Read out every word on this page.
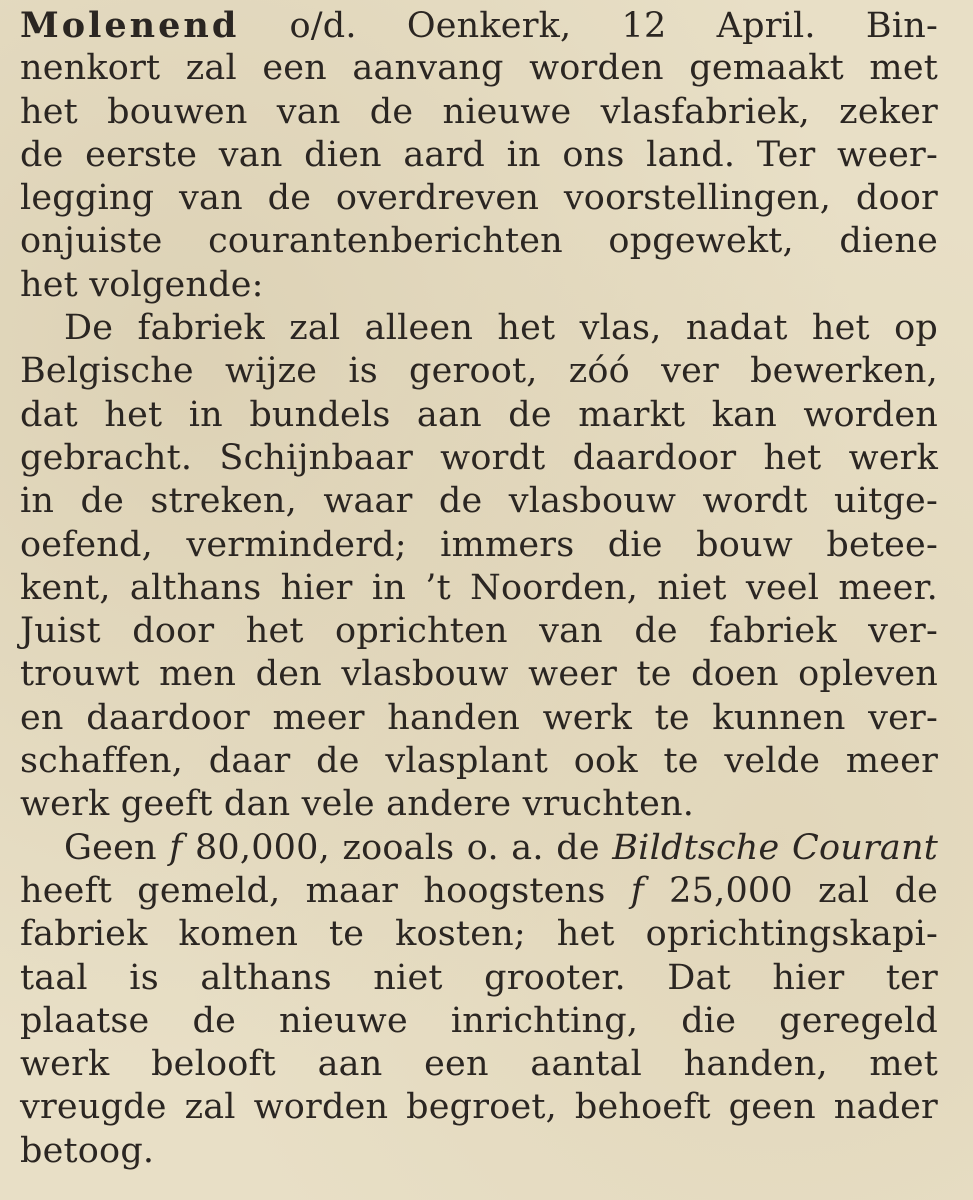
Molenend o/d. Oenkerk, 12 April. Bin-
nenkort zal een aanvang worden gemaakt met
het bouwen van de nieuwe vlasfabriek, zeker
de eerste van dien aard in ons land. Ter weer-
legging van de overdreven voorstellingen, door
onjuiste courantenberichten opgewekt, diene
het volgende:
De fabriek zal alleen het vlas, nadat het op
Belgische wijze is geroot, zóó ver bewerken,
dat het in bundels aan de markt kan worden
gebracht. Schijnbaar wordt daardoor het werk
in de streken, waar de vlasbouw wordt uitge-
oefend, verminderd; immers die bouw betee-
kent, althans hier in ’t Noorden, niet veel meer.
Juist door het oprichten van de fabriek ver-
trouwt men den vlasbouw weer te doen opleven
en daardoor meer handen werk te kunnen ver-
schaffen, daar de vlasplant ook te velde meer
werk geeft dan vele andere vruchten.
Geen f 80,000, zooals o. a. de Bildtsche Courant
heeft gemeld, maar hoogstens f 25,000 zal de
fabriek komen te kosten; het oprichtingskapi-
taal is althans niet grooter. Dat hier ter
plaatse de nieuwe inrichting, die geregeld
werk belooft aan een aantal handen, met
vreugde zal worden begroet, behoeft geen nader
betoog.
